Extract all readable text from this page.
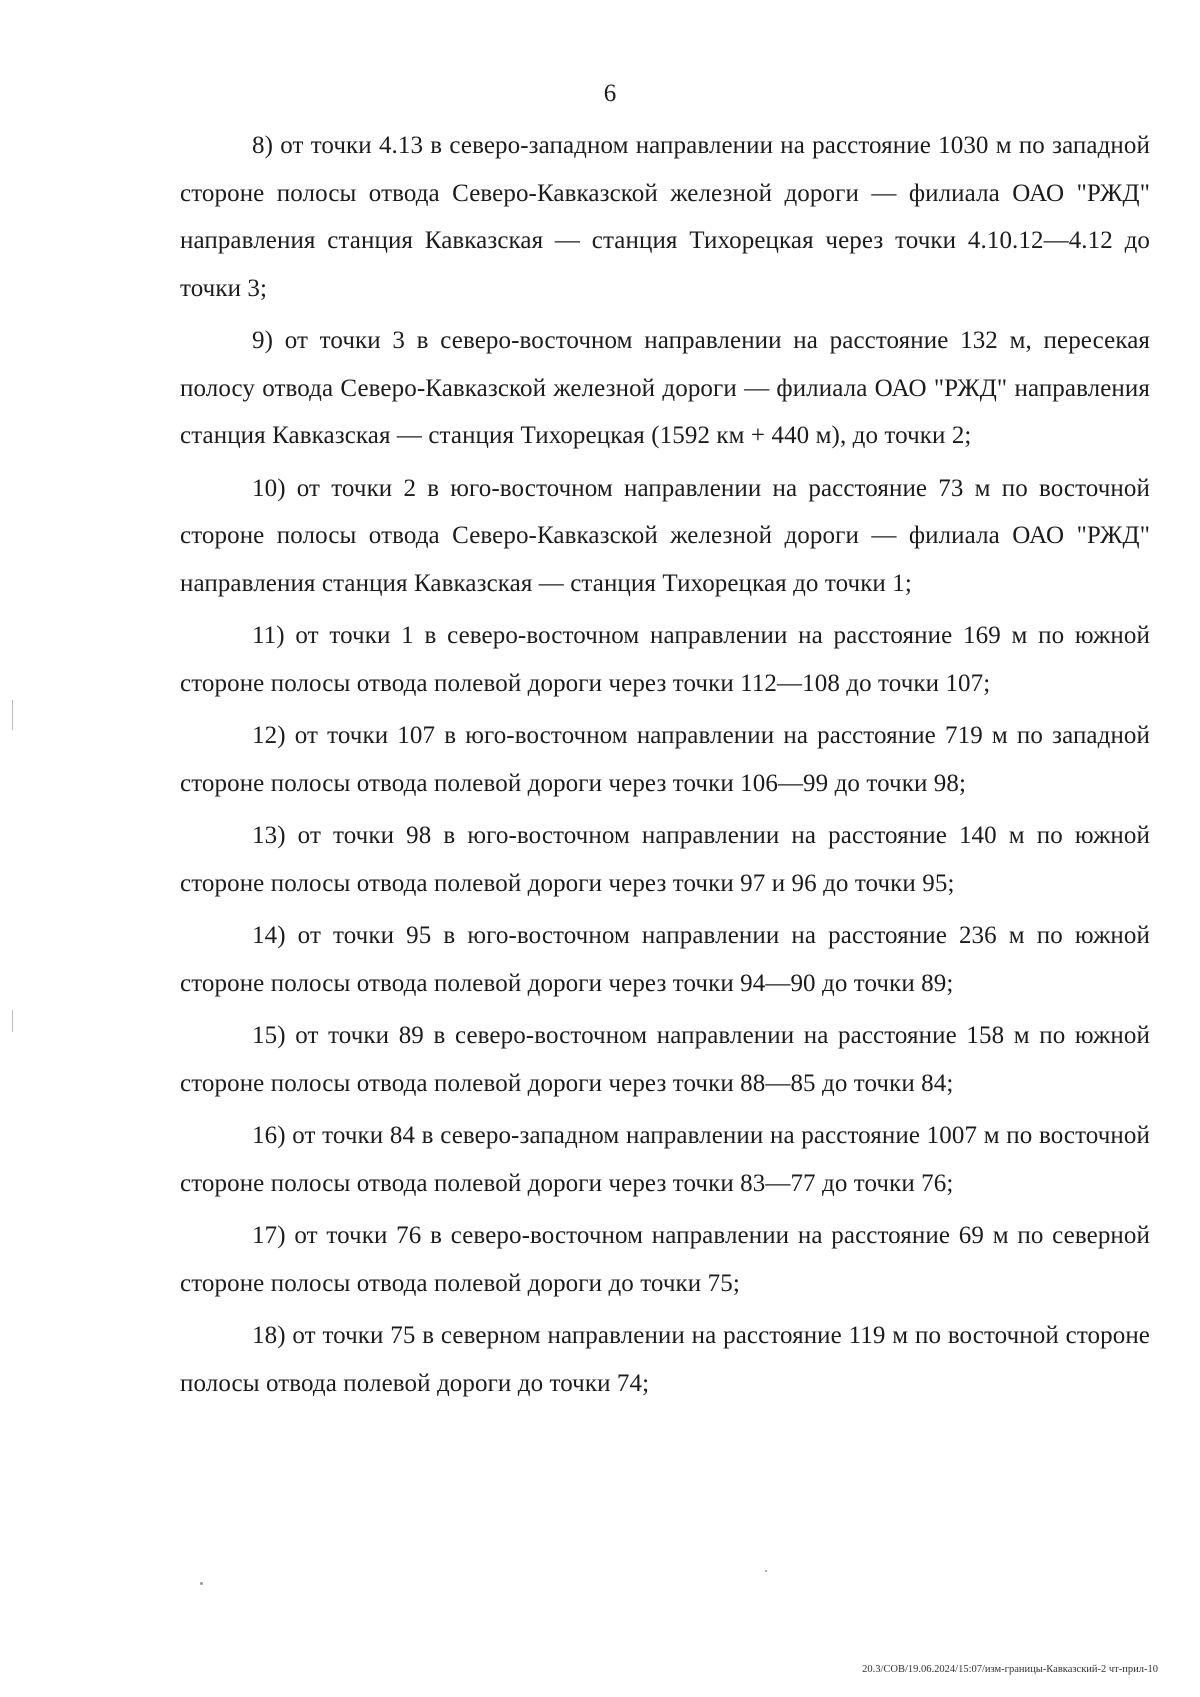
6

8) от точки 4.13 в северо-западном направлении на расстояние 1030 м по западной стороне полосы отвода Северо-Кавказской железной дороги — филиала ОАО "РЖД" направления станция Кавказская — станция Тихорецкая через точки 4.10.12—4.12 до точки 3;

9) от точки 3 в северо-восточном направлении на расстояние 132 м, пересекая полосу отвода Северо-Кавказской железной дороги — филиала ОАО "РЖД" направления станция Кавказская — станция Тихорецкая (1592 км + 440 м), до точки 2;

10) от точки 2 в юго-восточном направлении на расстояние 73 м по восточной стороне полосы отвода Северо-Кавказской железной дороги — филиала ОАО "РЖД" направления станция Кавказская — станция Тихорецкая до точки 1;

11) от точки 1 в северо-восточном направлении на расстояние 169 м по южной стороне полосы отвода полевой дороги через точки 112—108 до точки 107;

12) от точки 107 в юго-восточном направлении на расстояние 719 м по западной стороне полосы отвода полевой дороги через точки 106—99 до точки 98;

13) от точки 98 в юго-восточном направлении на расстояние 140 м по южной стороне полосы отвода полевой дороги через точки 97 и 96 до точки 95;

14) от точки 95 в юго-восточном направлении на расстояние 236 м по южной стороне полосы отвода полевой дороги через точки 94—90 до точки 89;

15) от точки 89 в северо-восточном направлении на расстояние 158 м по южной стороне полосы отвода полевой дороги через точки 88—85 до точки 84;

16) от точки 84 в северо-западном направлении на расстояние 1007 м по восточной стороне полосы отвода полевой дороги через точки 83—77 до точки 76;

17) от точки 76 в северо-восточном направлении на расстояние 69 м по северной стороне полосы отвода полевой дороги до точки 75;

18) от точки 75 в северном направлении на расстояние 119 м по восточной стороне полосы отвода полевой дороги до точки 74;

20.3/СОВ/19.06.2024/15:07/изм-границы-Кавказский-2 чт-прил-10
